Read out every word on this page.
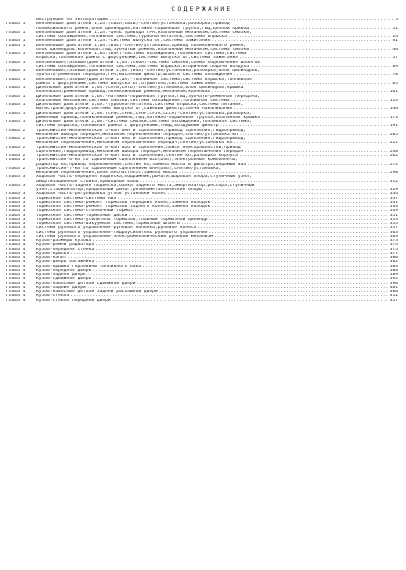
СОДЕРЖАНИЕ
Инструкция по эксплуатации .....	5
Глава 1	Бензиновые двигатели 1,2л.(CBZA,CBZB)-снятие/установка,разборка,привод
поликлинового ремня,блок цилиндров,натяжно-поршневая группа,ГБЦ,цепной привод .....	11
Глава 1	Бензиновые двигатели 1,2л.-цепь привода ГРМ,клапанный механизм,система смазки,
система охлаждения,топливная система,турбонагнетатель,система впрыска .....	24
Глава 1	Бензиновые двигатели 1,2л.-система выпуска ОГ,система зажигания .....	41
Глава 1	Бензиновые двигатели 1,6л.(BSE)-снятие/установка,привод поликлинового ремня,
блок цилиндров,коленвал,ГБЦ,зубчатый ремень,клапанный механизм,система смазки .....	46
Глава 1	Бензиновые двигатели 1,6л.(BSF)-система охлаждения,топливная система,система
впрыска,топливная рампа с форсунками,система выпуска ОГ,система зажигания .....	57
Глава 1	Бензиновые(газовые)двигатели 1,6л.(CHGA)-система смазки,схема подключения шлангов
системы охлаждения,топливная система,система впрыска,вторичной подачи воздуха .....	69
Глава 1	Бензиновые(газовые)двигатели 2,0л.(BSX)-снятие/установка,разборка,блок цилиндров,
зубчато-ременная передача,ГРМ,масляный фильтр,шланги системы охлаждения .....	78
Глава 1	Бензиновые(газовые)двигатели 2,0л.-топливная система,система впрыска,топливная
рампа с форсунками,система выпуска ОГ,отушитель,система зажигания .....	85
Глава 1	Дизельные двигатели 1,6л.(CAYB,CAYD)-снятие/установка,блок цилиндров,крышка
коленвала,ременный привод,поликлиновый ремень,механизм,коленвал .....	101
Глава 1	Дизельные двигатели 1,6л.-натяжно-поршневая группа,ГБЦ,зубчато-ременная передача,
клапанный механизм,система смазки,система охлаждения,топливная система .....	113
Глава 1	Дизельные двигатели 1,6л.-турбонагнетатель,система впрыска,система питания,
магистрали,форсунки,система выпуска ОГ,сажевый фильтр,свечи накаливания .....	146
Глава 1	Дизельные двигатели 2,0л.(CFHC,CFHE,CFHF,CFJA,CLCA)-снятие/установка,разборка,
ременный привод,поликлиновый ремень,ГБЦ,натяжно-поршневая группа,клапанная крышка .....	173
Глава 1	Дизельные двигатели 2,0л.-система смазки,система охлаждения,топливная система,
система впрыска,топливная рампа с форсунками,ТНВД,воздушный фильтр .....	191
Глава 2	Трансмиссия-механическая 5-КПП 0АН и сцепление,привод сцепления,гидропривод,
механизм выбора передач,механизм переключения передач,снятие/установка КП .....	205
Глава 2	Трансмиссия-механическая 5-КПП 0А4 и сцепление,привод сцепления,гидропривод,
механизм переключения,механизм переключения передач,снятие/установка КП .....	221
Глава 2	Трансмиссия-механическая 6-КПП 02Q и сцепление,поиск неисправностей,привод
сцепления,гидропривод,механизм выбора передач,механизм переключения передач .....	248
Глава 2	Трансмиссия-механическая 6-КПП 02Q и сцепление,снятие КП,разборка корпуса .....	262
Глава 2	Трансмиссия-6-КП со сдвоенным сцеплением 02E(DSG),электронные компоненты,
радиатор КП,привод переключения,снятие КП,замена масла и фильтра,ведомый вал .....	272
Глава 2	Трансмиссия-7-КП со сдвоенным сцеплением 0AM(DSG),снятие/установка,
механизм переключения,блок Mechatronic,замена масла .....	290
Глава 3	Ходовая часть-передняя подвеска,подрамник,рычаги,шаровая опора,ступичный узел,
амортизационная стойка,приводные валы .....	312
Глава 3	Ходовая часть-задняя подвеска,балка заднего моста,амортизатор,рессора,ступичный
узел,стабилизатор,продольный рычаг,резинометаллические опоры .....	329
Глава 3	Ходовая часть-регулировка углов установки колес .....	334
Глава 3	Тормозная система-система ABS .....	337
Глава 3	Тормозная система-ремонт тормозов передних колес,замена колодок .....	341
Глава 3	Тормозная система-ремонт тормозов заднего колеса,замена колодок .....	344
Глава 3	Тормозная система-стояночный тормоз .....	349
Глава 3	Тормозная система-тормозные диски .....	351
Глава 3	Тормозная система-усилитель тормозов,главный тормозной цилиндр .....	353
Глава 3	Тормозная система-вакуумная система,тормозные шланги .....	355
Глава 3	Система рулевого управления-рулевая колонка,рулевое колесо .....	357
Глава 3	Система рулевого управления-гидроусилитель рулевого управления .....	363
Глава 3	Система рулевого управления-электромеханический рулевой механизм .....	369
Глава 4	Кузов-размеры кузова .....	373
Глава 4	Кузов-ремни радиатора .....	374
Глава 4	Кузов-передняя стенка .....	375
Глава 4	Кузов-крылья .....	377
Глава 4	Кузов-капот .....	380
Глава 4	Кузов-дверь багажника .....	382
Глава 4	Кузов-крышка горловины топливного бака .....	384
Глава 4	Кузов-передняя дверь .....	386
Глава 4	Кузов-задняя дверь .....	389
Глава 4	Кузов-сдвижная дверь .....	392
Глава 4	Кузов-навесные детали сдвижной двери .....	396
Глава 4	Кузов-задние двери .....	401
Глава 4	Кузов-навесные детали задней распашной двери .....	406
Глава 4	Кузов-стекла .....	412
Глава 4	Кузов-стекло передней двери .....	417
